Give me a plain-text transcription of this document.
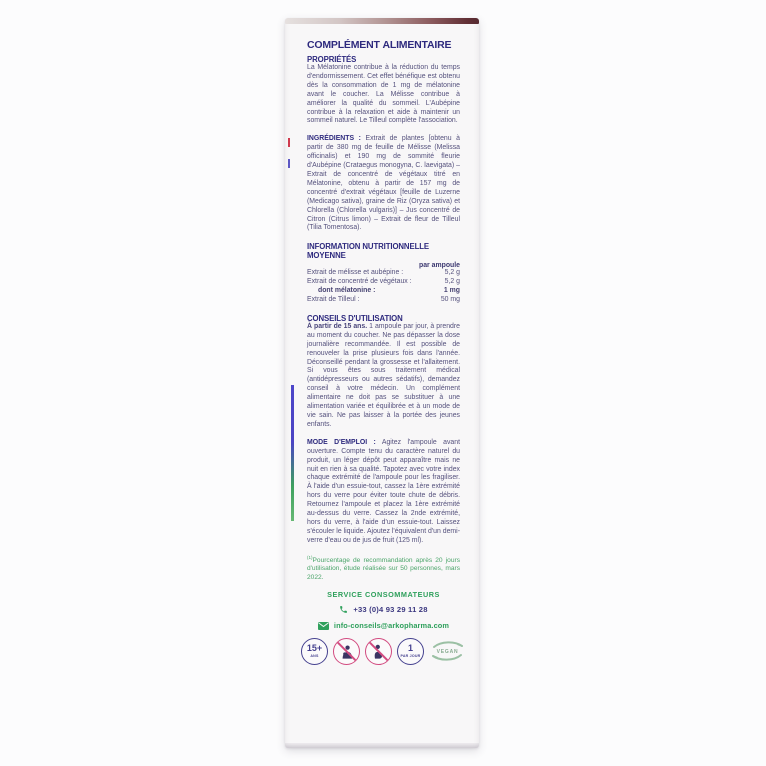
COMPLÉMENT ALIMENTAIRE
PROPRIÉTÉS

La Mélatonine contribue à la réduction du temps d'endormissement. Cet effet bénéfique est obtenu dès la consommation de 1 mg de mélatonine avant le coucher. La Mélisse contribue à améliorer la qualité du sommeil. L'Aubépine contribue à la relaxation et aide à maintenir un sommeil naturel. Le Tilleul complète l'association.

INGRÉDIENTS : Extrait de plantes [obtenu à partir de 380 mg de feuille de Mélisse (Melissa officinalis) et 190 mg de sommité fleurie d'Aubépine (Crataegus monogyna, C. laevigata) – Extrait de concentré de végétaux titré en Mélatonine, obtenu à partir de 157 mg de concentré d'extrait végétaux [feuille de Luzerne (Medicago sativa), graine de Riz (Oryza sativa) et Chlorella (Chlorella vulgaris)] – Jus concentré de Citron (Citrus limon) – Extrait de fleur de Tilleul (Tilia Tomentosa).

INFORMATION NUTRITIONNELLE MOYENNE
par ampoule
Extrait de mélisse et aubépine :	5,2 g
Extrait de concentré de végétaux :	5,2 g
dont mélatonine :	1 mg
Extrait de Tilleul :	50 mg
CONSEILS D'UTILISATION

À partir de 15 ans. 1 ampoule par jour, à prendre au moment du coucher. Ne pas dépasser la dose journalière recommandée. Il est possible de renouveler la prise plusieurs fois dans l'année. Déconseillé pendant la grossesse et l'allaitement. Si vous êtes sous traitement médical (antidépresseurs ou autres sédatifs), demandez conseil à votre médecin. Un complément alimentaire ne doit pas se substituer à une alimentation variée et équilibrée et à un mode de vie sain. Ne pas laisser à la portée des jeunes enfants.

MODE D'EMPLOI : Agitez l'ampoule avant ouverture. Compte tenu du caractère naturel du produit, un léger dépôt peut apparaître mais ne nuit en rien à sa qualité. Tapotez avec votre index chaque extrémité de l'ampoule pour les fragiliser. À l'aide d'un essuie-tout, cassez la 1ère extrémité hors du verre pour éviter toute chute de débris. Retournez l'ampoule et placez la 1ère extrémité au-dessus du verre. Cassez la 2nde extrémité, hors du verre, à l'aide d'un essuie-tout. Laissez s'écouler le liquide. Ajoutez l'équivalent d'un demi-verre d'eau ou de jus de fruit (125 ml).

$^{(1)}$Pourcentage de recommandation après 20 jours d'utilisation, étude réalisée sur 50 personnes, mars 2022.

SERVICE CONSOMMATEURS
+33 (0)4 93 29 11 28
info-conseils@arkopharma.com
15+
ANS
1
PAR JOUR
VEGAN
